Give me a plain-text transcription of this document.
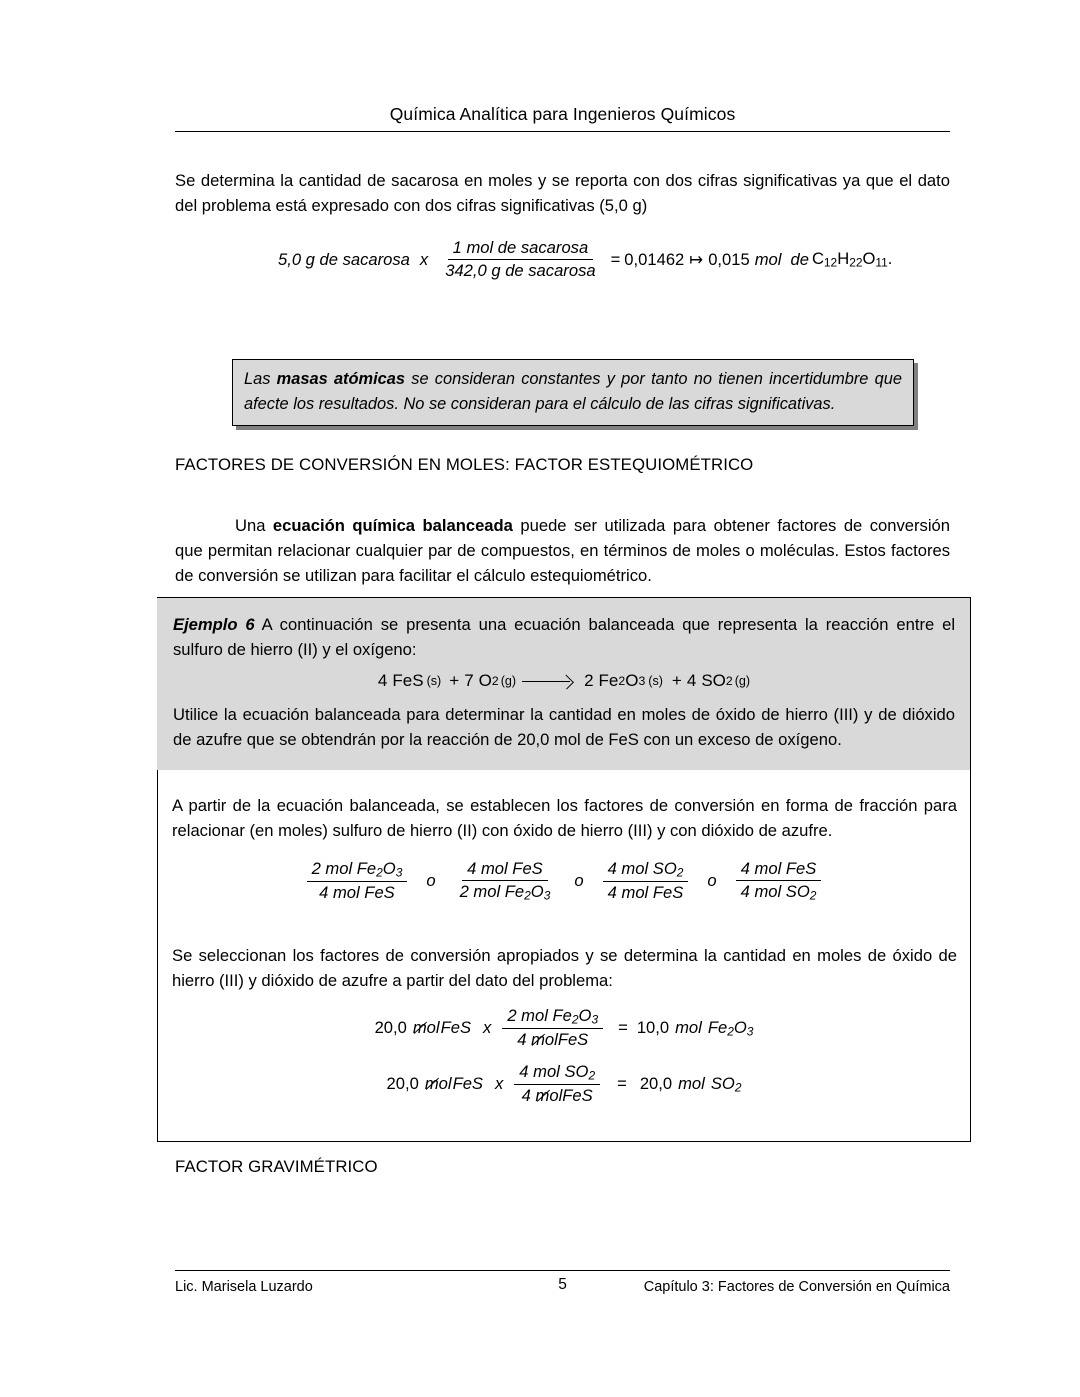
Química Analítica para Ingenieros Químicos
Se determina la cantidad de sacarosa en moles y se reporta con dos cifras significativas ya que el dato del problema está expresado con dos cifras significativas (5,0 g)
5,0 g de sacarosa x $\frac{\text{1 mol de sacarosa}}{\text{342,0 g de sacarosa}} = 0,01462$ ↦ 0,015 mol de $C_{12}H_{22}O_{11}$.
Las masas atómicas se consideran constantes y por tanto no tienen incertidumbre que afecte los resultados. No se consideran para el cálculo de las cifras significativas.
FACTORES DE CONVERSIÓN EN MOLES: FACTOR ESTEQUIOMÉTRICO
Una ecuación química balanceada puede ser utilizada para obtener factores de conversión que permitan relacionar cualquier par de compuestos, en términos de moles o moléculas. Estos factores de conversión se utilizan para facilitar el cálculo estequiométrico.
Ejemplo 6 A continuación se presenta una ecuación balanceada que representa la reacción entre el sulfuro de hierro (II) y el oxígeno:
4 FeS (s) + 7 O 2 (g)	2 Fe 2 O 3 (s) + 4 SO 2 (g)
Utilice la ecuación balanceada para determinar la cantidad en moles de óxido de hierro (III) y de dióxido de azufre que se obtendrán por la reacción de 20,0 mol de FeS con un exceso de oxígeno.
A partir de la ecuación balanceada, se establecen los factores de conversión en forma de fracción para relacionar (en moles) sulfuro de hierro (II) con óxido de hierro (III) y con dióxido de azufre.
$\frac{2 mol Fe_2O_3}{\text{4 mol FeS}}$ o $\frac{\text{4 mol FeS}}{2 mol Fe_2O_3}$ o $\frac{4 mol SO_2}{\text{4 mol FeS}}$ o $\frac{\text{4 mol FeS}}{4 mol SO_2}$
Se seleccionan los factores de conversión apropiados y se determina la cantidad en moles de óxido de hierro (III) y dióxido de azufre a partir del dato del problema:
20,0 mol FeS x $\frac{2 mol Fe_2O_3}{\text{4 molFeS}} = 10,0$ mol $Fe_2O_3$
20,0 mol FeS x $\frac{4 mol SO_2}{\text{4 molFeS}} = 20,0$ mol $SO_2$
FACTOR GRAVIMÉTRICO
Lic. Marisela Luzardo	5	Capítulo 3: Factores de Conversión en Química
